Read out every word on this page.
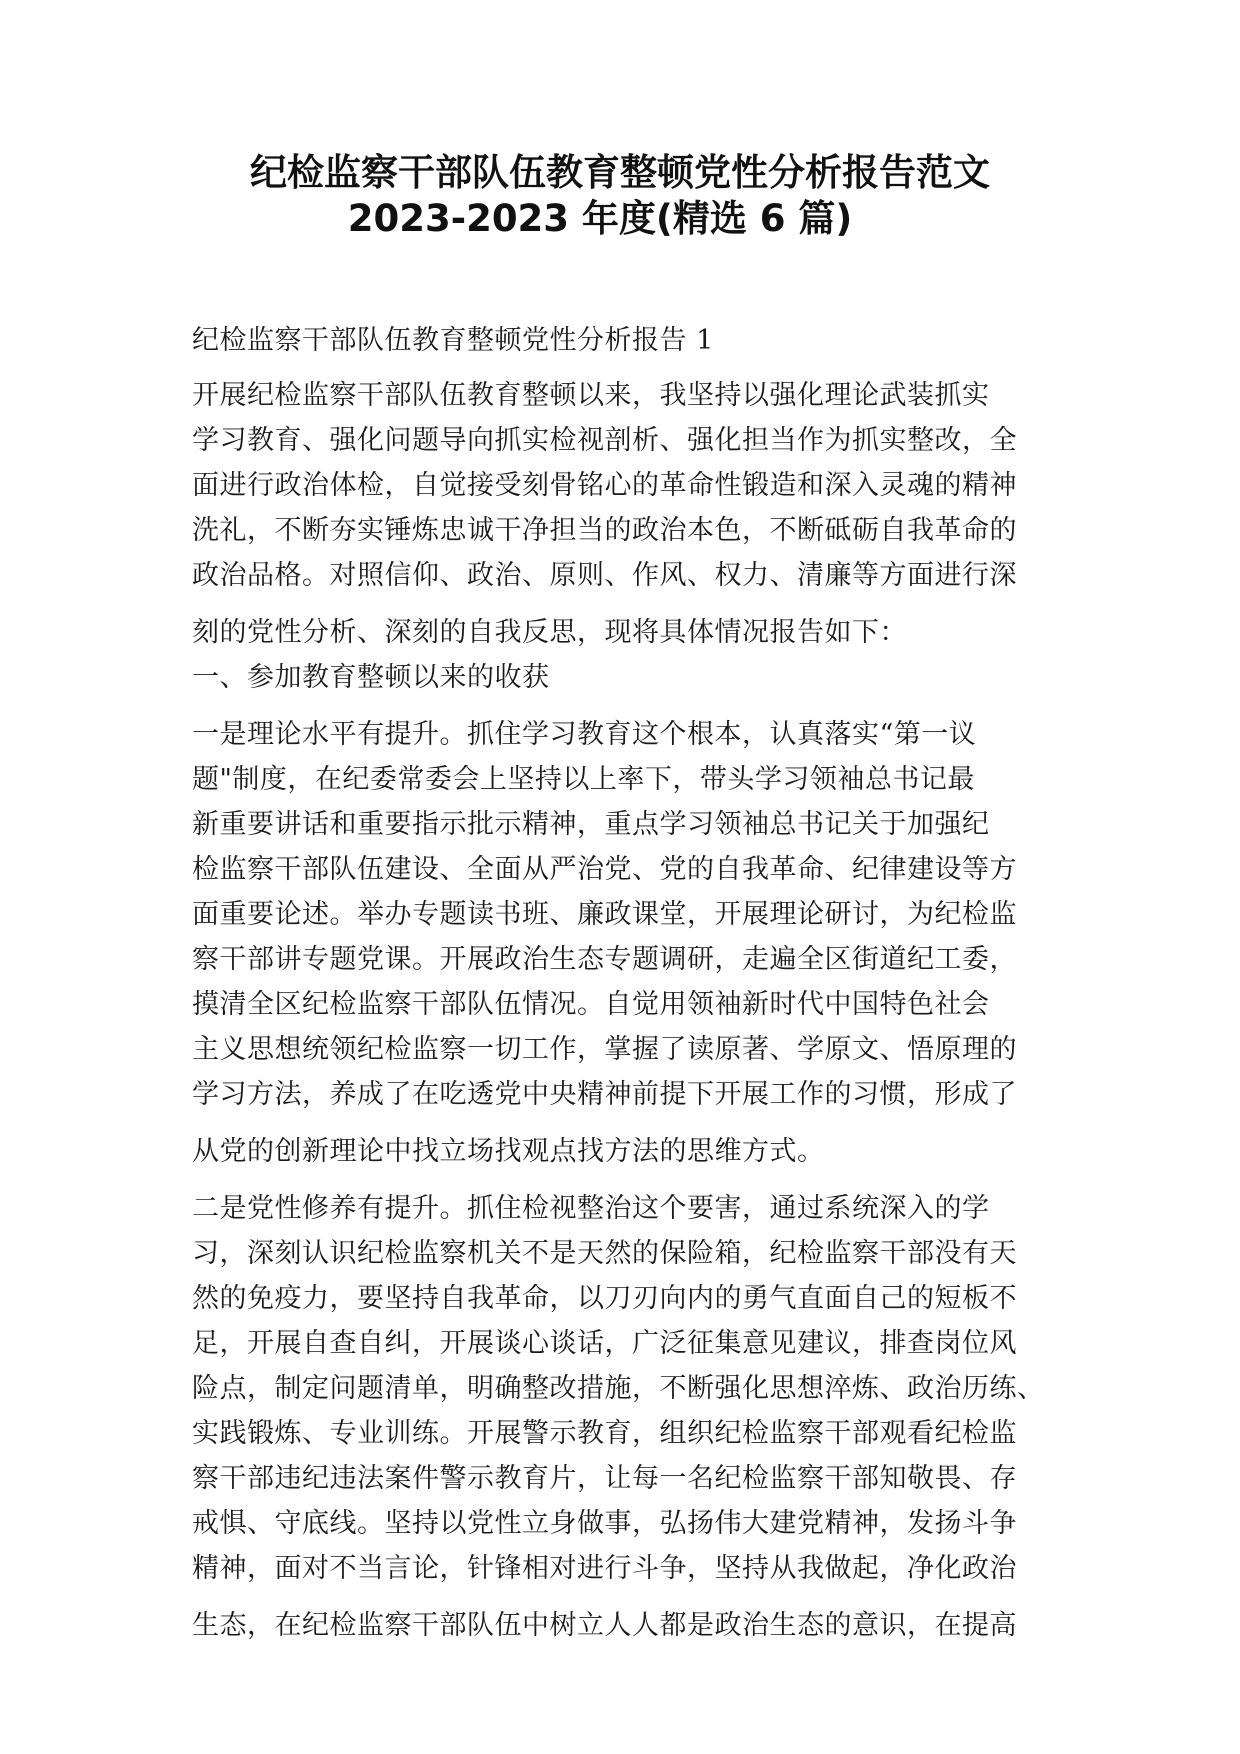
纪检监察干部队伍教育整顿党性分析报告范文
2023-2023 年度(精选 6 篇)

纪检监察干部队伍教育整顿党性分析报告 1

开展纪检监察干部队伍教育整顿以来，我坚持以强化理论武装抓实
学习教育、强化问题导向抓实检视剖析、强化担当作为抓实整改，全
面进行政治体检，自觉接受刻骨铭心的革命性锻造和深入灵魂的精神
洗礼，不断夯实锤炼忠诚干净担当的政治本色，不断砥砺自我革命的
政治品格。对照信仰、政治、原则、作风、权力、清廉等方面进行深
刻的党性分析、深刻的自我反思，现将具体情况报告如下：

一、参加教育整顿以来的收获

一是理论水平有提升。抓住学习教育这个根本，认真落实“第一议
题"制度，在纪委常委会上坚持以上率下，带头学习领袖总书记最
新重要讲话和重要指示批示精神，重点学习领袖总书记关于加强纪
检监察干部队伍建设、全面从严治党、党的自我革命、纪律建设等方
面重要论述。举办专题读书班、廉政课堂，开展理论研讨，为纪检监
察干部讲专题党课。开展政治生态专题调研，走遍全区街道纪工委，
摸清全区纪检监察干部队伍情况。自觉用领袖新时代中国特色社会
主义思想统领纪检监察一切工作，掌握了读原著、学原文、悟原理的
学习方法，养成了在吃透党中央精神前提下开展工作的习惯，形成了
从党的创新理论中找立场找观点找方法的思维方式。

二是党性修养有提升。抓住检视整治这个要害，通过系统深入的学
习，深刻认识纪检监察机关不是天然的保险箱，纪检监察干部没有天
然的免疫力，要坚持自我革命，以刀刃向内的勇气直面自己的短板不
足，开展自查自纠，开展谈心谈话，广泛征集意见建议，排查岗位风
险点，制定问题清单，明确整改措施，不断强化思想淬炼、政治历练、
实践锻炼、专业训练。开展警示教育，组织纪检监察干部观看纪检监
察干部违纪违法案件警示教育片，让每一名纪检监察干部知敬畏、存
戒惧、守底线。坚持以党性立身做事，弘扬伟大建党精神，发扬斗争
精神，面对不当言论，针锋相对进行斗争，坚持从我做起，净化政治
生态，在纪检监察干部队伍中树立人人都是政治生态的意识，在提高
